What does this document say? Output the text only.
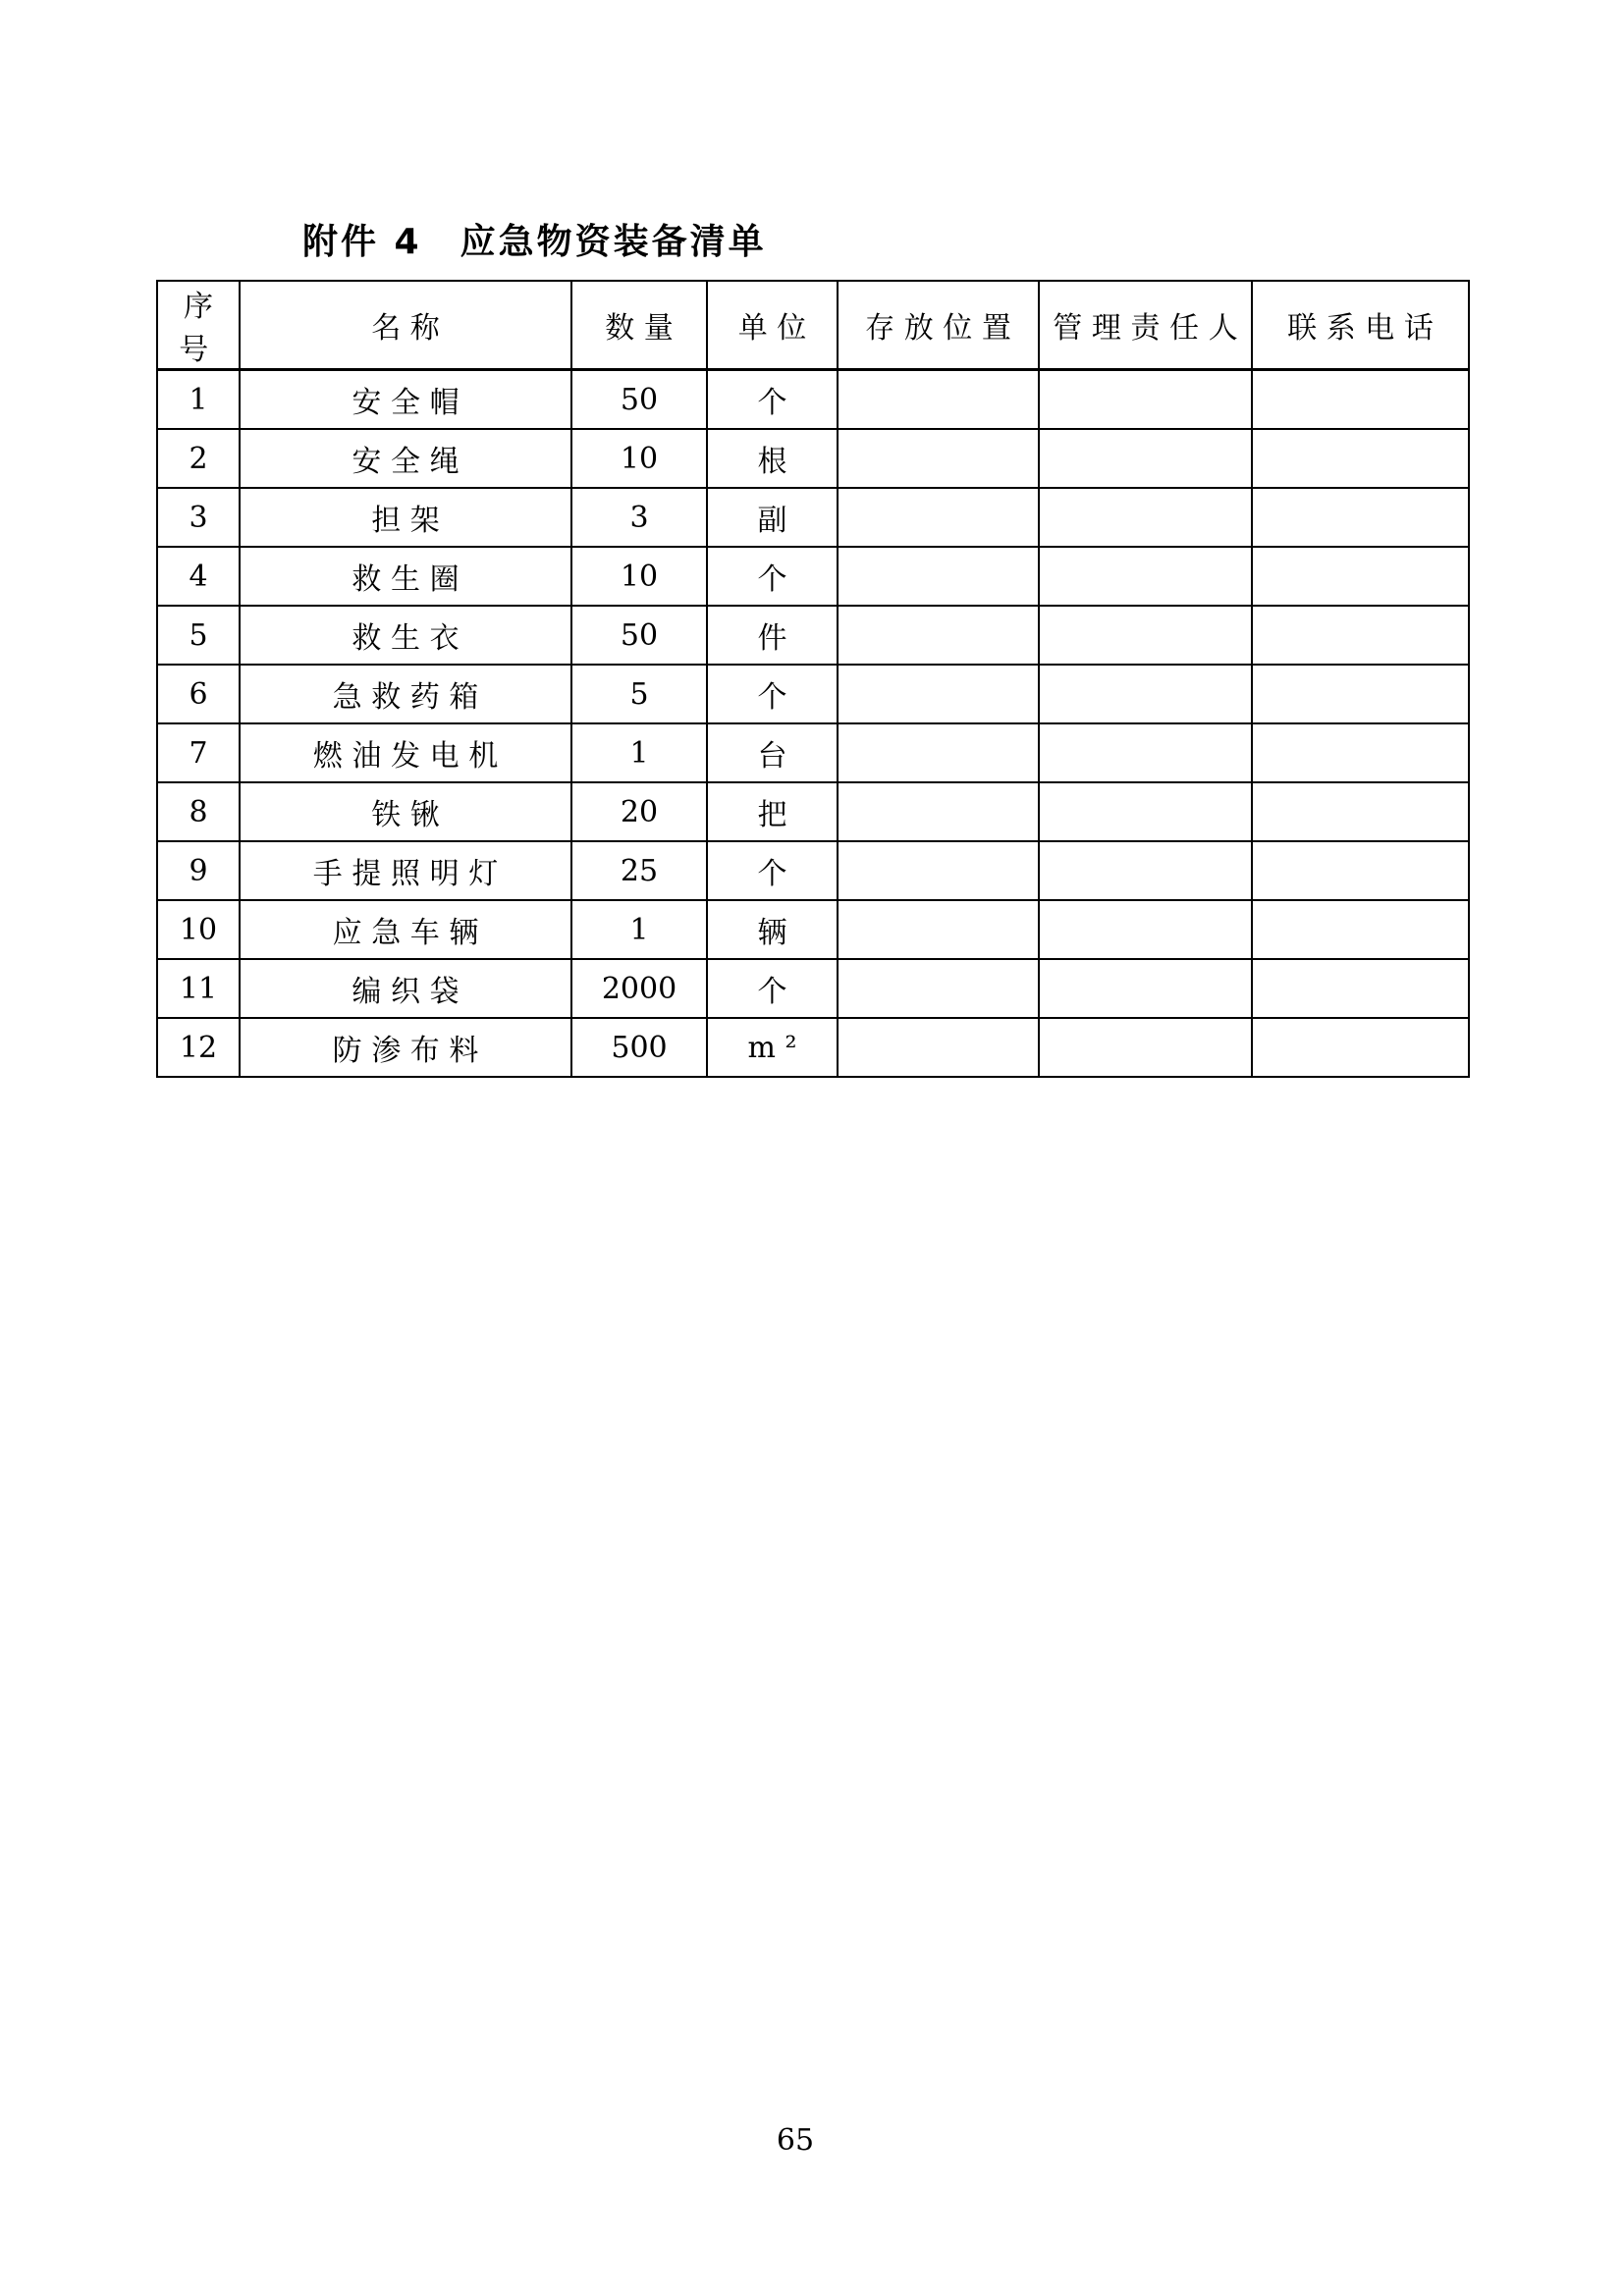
附件 4　应急物资装备清单
序号	名称	数量	单位	存放位置	管理责任人	联系电话
1	安全帽	50	个			
2	安全绳	10	根			
3	担架	3	副			
4	救生圈	10	个			
5	救生衣	50	件			
6	急救药箱	5	个			
7	燃油发电机	1	台			
8	铁锹	20	把			
9	手提照明灯	25	个			
10	应急车辆	1	辆			
11	编织袋	2000	个			
12	防渗布料	500	m²			
65
